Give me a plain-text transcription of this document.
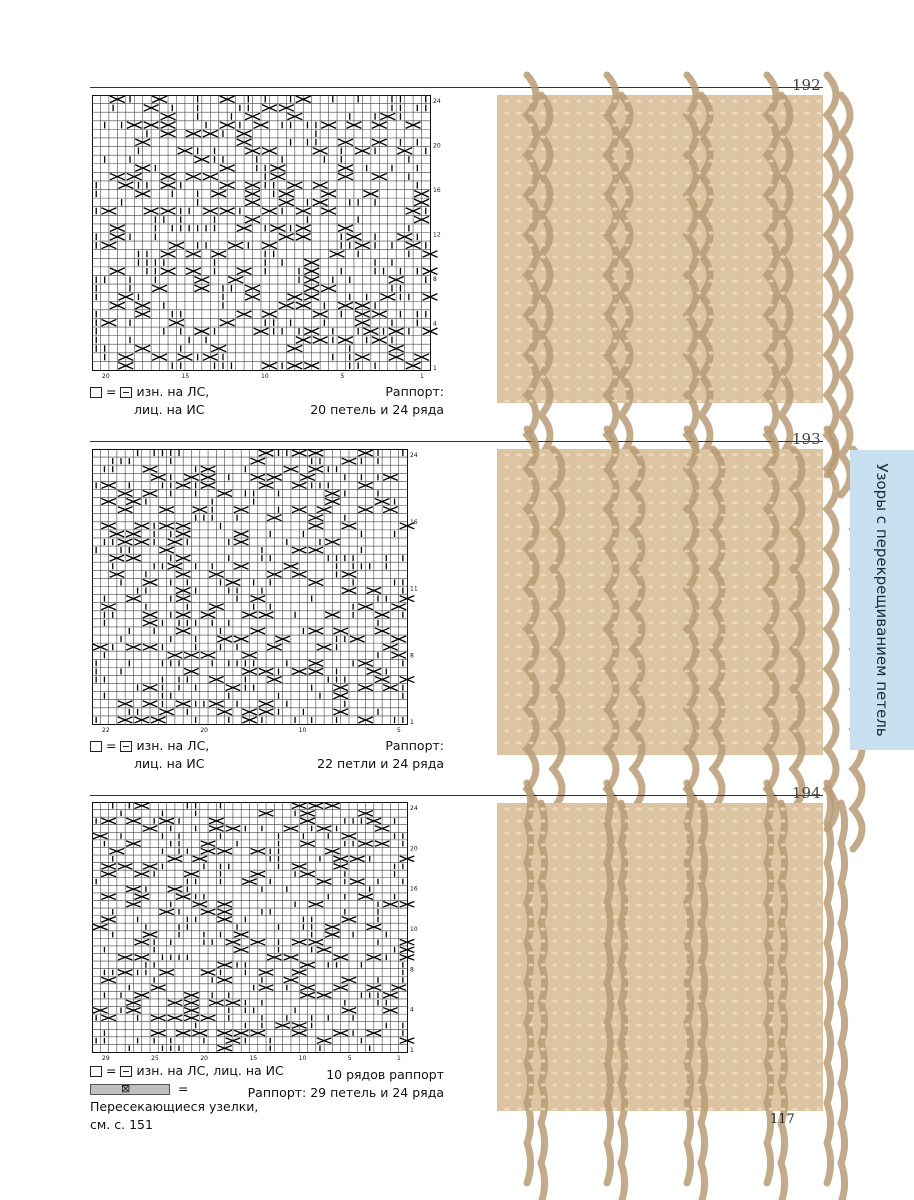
192
24
20
16
12
8
4
1
20	15	10	5	1
= изн. на ЛС,
лиц. на ИС
Раппорт:
20 петель и 24 ряда
193
24
16
11
8
1
22	20	10	5
= изн. на ЛС,
лиц. на ИС
Раппорт:
22 петли и 24 ряда
194
24
20
16
10
8
4
1
29	25	20	15	10	5	1
= изн. на ЛС, лиц. на ИС
⊠
=
Пересекающиеся узелки,
см. с. 151
10 рядов раппорт
Раппорт: 29 петель и 24 ряда
Узоры с перекрещиванием петель
117
